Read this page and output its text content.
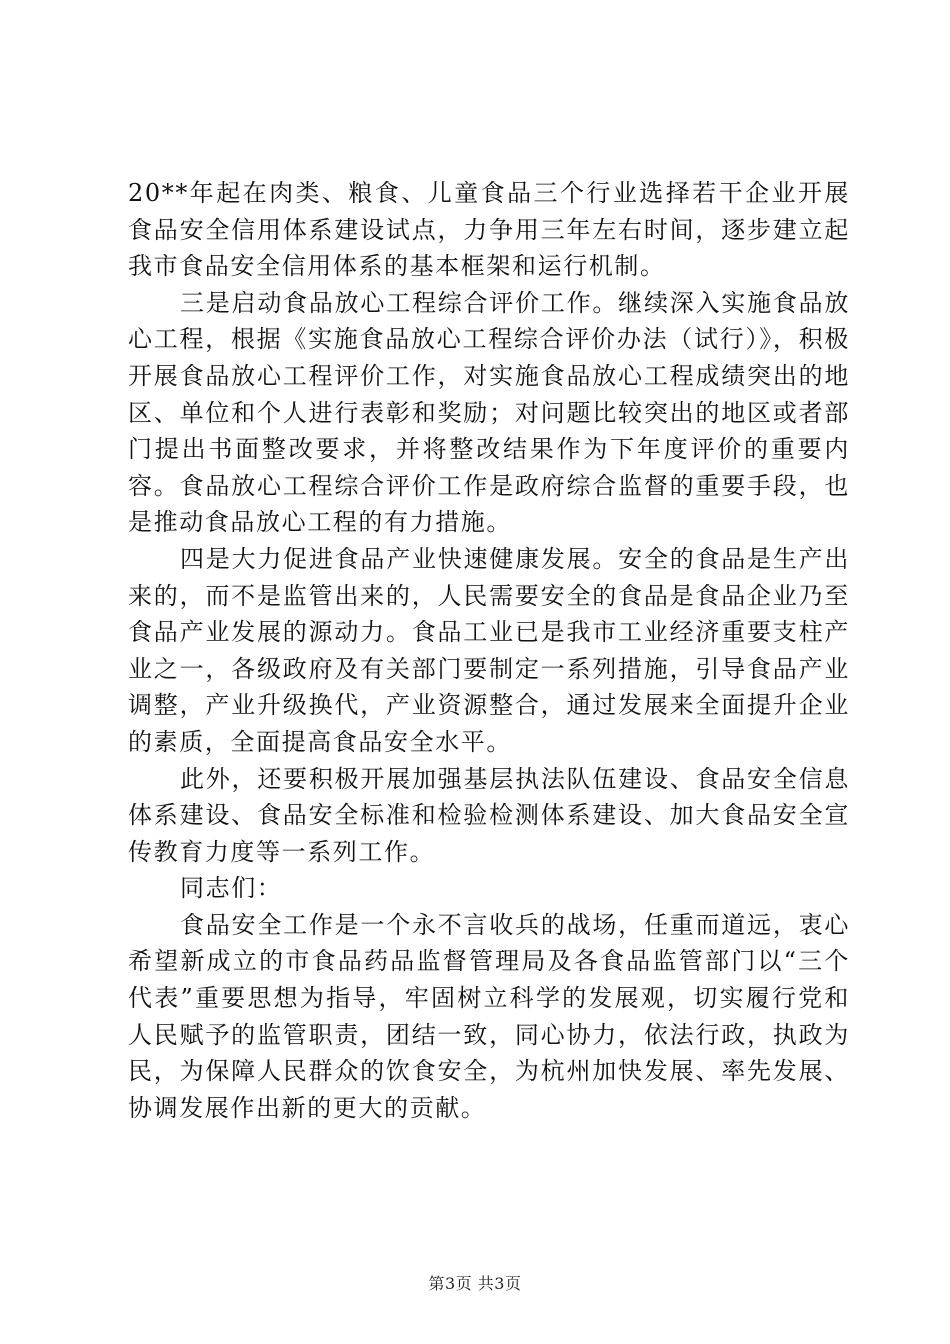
20**年起在肉类、粮食、儿童食品三个行业选择若干企业开展食品安全信用体系建设试点，力争用三年左右时间，逐步建立起我市食品安全信用体系的基本框架和运行机制。

三是启动食品放心工程综合评价工作。继续深入实施食品放心工程，根据《实施食品放心工程综合评价办法（试行）》，积极开展食品放心工程评价工作，对实施食品放心工程成绩突出的地区、单位和个人进行表彰和奖励；对问题比较突出的地区或者部门提出书面整改要求，并将整改结果作为下年度评价的重要内容。食品放心工程综合评价工作是政府综合监督的重要手段，也是推动食品放心工程的有力措施。

四是大力促进食品产业快速健康发展。安全的食品是生产出来的，而不是监管出来的，人民需要安全的食品是食品企业乃至食品产业发展的源动力。食品工业已是我市工业经济重要支柱产业之一，各级政府及有关部门要制定一系列措施，引导食品产业调整，产业升级换代，产业资源整合，通过发展来全面提升企业的素质，全面提高食品安全水平。

此外，还要积极开展加强基层执法队伍建设、食品安全信息体系建设、食品安全标准和检验检测体系建设、加大食品安全宣传教育力度等一系列工作。

同志们：

食品安全工作是一个永不言收兵的战场，任重而道远，衷心希望新成立的市食品药品监督管理局及各食品监管部门以“三个代表”重要思想为指导，牢固树立科学的发展观，切实履行党和人民赋予的监管职责，团结一致，同心协力，依法行政，执政为民，为保障人民群众的饮食安全，为杭州加快发展、率先发展、协调发展作出新的更大的贡献。

第3页 共3页
